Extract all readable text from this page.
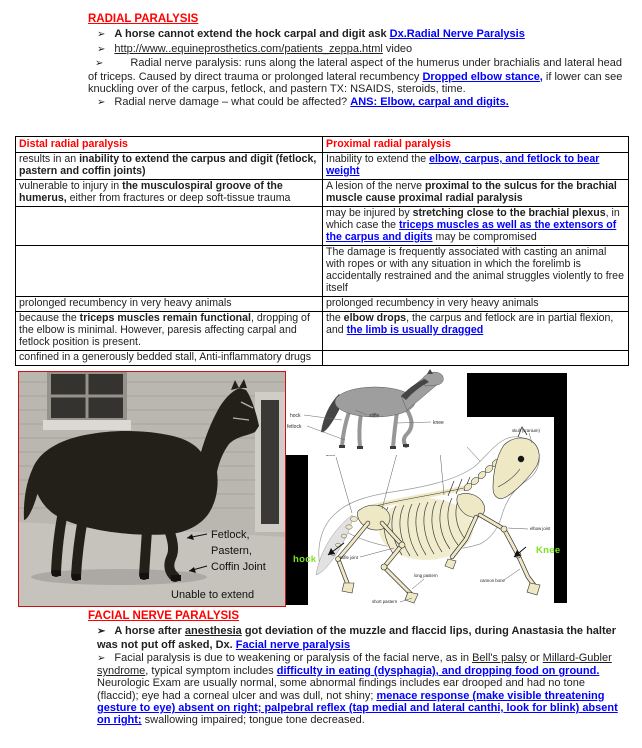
RADIAL PARALYSIS
➢ A horse cannot extend the hock carpal and digit ask Dx.Radial Nerve Paralysis
➢ http://www..equineprosthetics.com/patients_zeppa.html video
➢ Radial nerve paralysis: runs along the lateral aspect of the humerus under brachialis and lateral head of triceps. Caused by direct trauma or prolonged lateral recumbency Dropped elbow stance, if lower can see knuckling over of the carpus, fetlock, and pastern TX: NSAIDS, steroids, time.
➢ Radial nerve damage – what could be affected? ANS: Elbow, carpal and digits.
Distal radial paralysis	Proximal radial paralysis
results in an inability to extend the carpus and digit (fetlock, pastern and coffin joints)	Inability to extend the elbow, carpus, and fetlock to bear weight
vulnerable to injury in the musculospiral groove of the humerus, either from fractures or deep soft-tissue trauma	A lesion of the nerve proximal to the sulcus for the brachial muscle cause proximal radial paralysis
	may be injured by stretching close to the brachial plexus, in which case the triceps muscles as well as the extensors of the carpus and digits may be compromised
	The damage is frequently associated with casting an animal with ropes or with any situation in which the forelimb is accidentally restrained and the animal struggles violently to free itself
prolonged recumbency in very heavy animals	prolonged recumbency in very heavy animals
because the triceps muscles remain functional, dropping of the elbow is minimal. However, paresis affecting carpal and fetlock position is present.	the elbow drops, the carpus and fetlock are in partial flexion, and the limb is usually dragged
confined in a generously bedded stall, Anti-inflammatory drugs	
skull (cranium)
stifle joint
long pastern
short pastern
elbow joint
cannon bone
hock
fetlock
stifle
knee
Fetlock,
Pastern,
Coffin Joint
Unable to extend
hock
Knee
FACIAL NERVE PARALYSIS
➢ A horse after anesthesia got deviation of the muzzle and flaccid lips, during Anastasia the halter was not put off asked, Dx. Facial nerve paralysis
➢ Facial paralysis is due to weakening or paralysis of the facial nerve, as in Bell's palsy or Millard-Gubler syndrome, typical symptom includes difficulty in eating (dysphagia), and dropping food on ground. Neurologic Exam are usually normal, some abnormal findings includes ear drooped and had no tone (flaccid); eye had a corneal ulcer and was dull, not shiny; menace response (make visible threatening gesture to eye) absent on right; palpebral reflex (tap medial and lateral canthi, look for blink) absent on right; swallowing impaired; tongue tone decreased.
